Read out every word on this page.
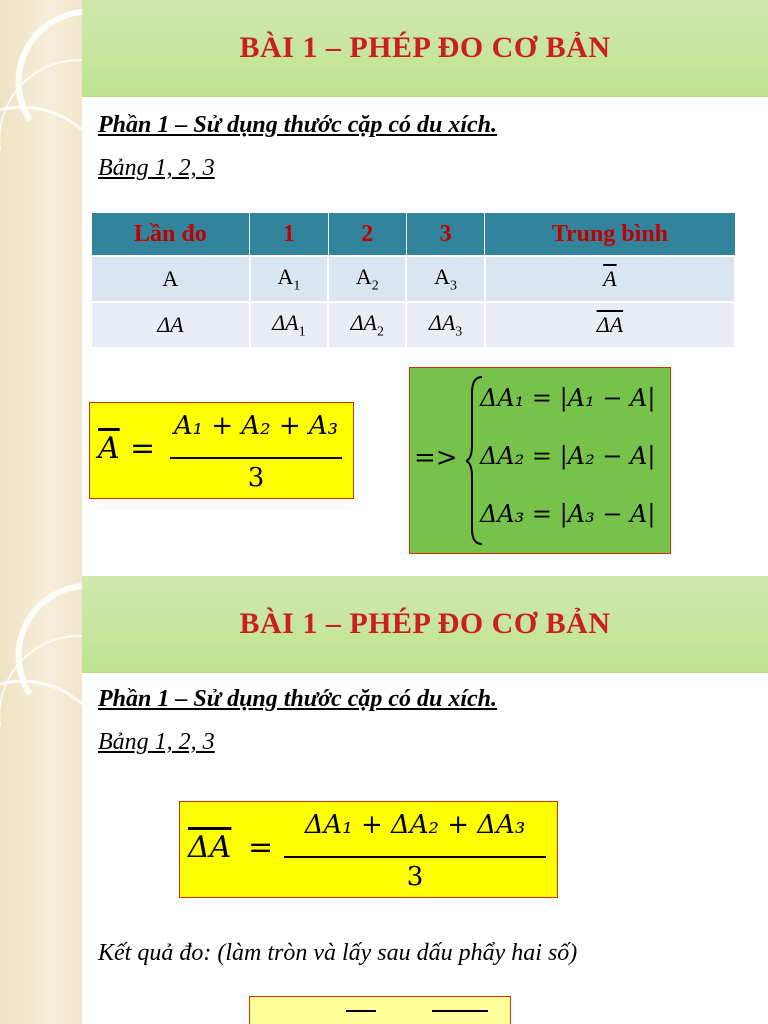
BÀI 1 – PHÉP ĐO CƠ BẢN
Phần 1 – Sử dụng thước cặp có du xích.
Bảng 1, 2, 3
Lần đo	1	2	3	Trung bình
A	$A_1$	$A_2$	$A_3$	$\overline{A}$
ΔA	$\Delta A_1$	$\Delta A_2$	$\Delta A_3$	$\overline{\Delta A}$
$\overline{A}$ =
A₁ + A₂ + A₃
3
=>
ΔA₁ = |A₁ − A|
ΔA₂ = |A₂ − A|
ΔA₃ = |A₃ − A|
BÀI 1 – PHÉP ĐO CƠ BẢN
Phần 1 – Sử dụng thước cặp có du xích.
Bảng 1, 2, 3
$\overline{\Delta A}$ =
ΔA₁ + ΔA₂ + ΔA₃
3
Kết quả đo: (làm tròn và lấy sau dấu phẩy hai số)
